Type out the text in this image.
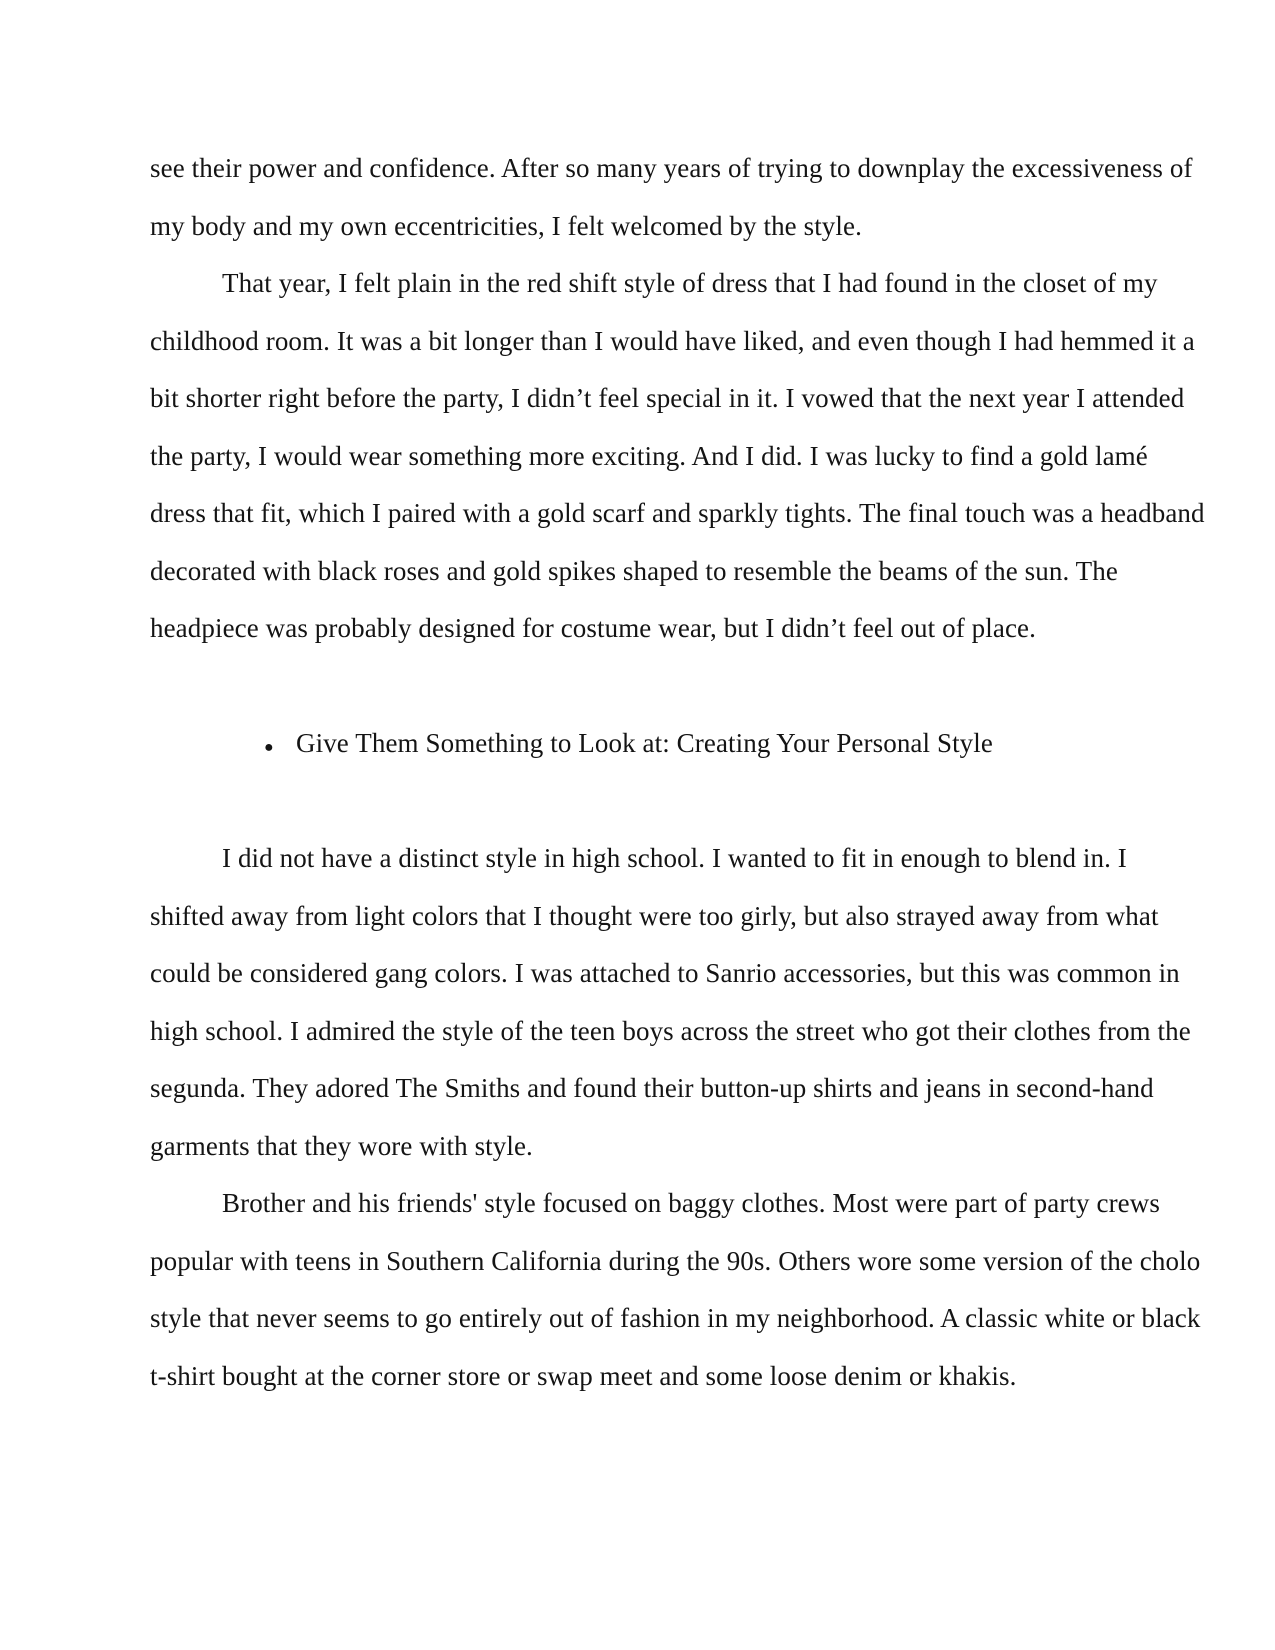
see their power and confidence. After so many years of trying to downplay the excessiveness of
my body and my own eccentricities, I felt welcomed by the style.
That year, I felt plain in the red shift style of dress that I had found in the closet of my
childhood room. It was a bit longer than I would have liked, and even though I had hemmed it a
bit shorter right before the party, I didn’t feel special in it. I vowed that the next year I attended
the party, I would wear something more exciting. And I did. I was lucky to find a gold lamé
dress that fit, which I paired with a gold scarf and sparkly tights. The final touch was a headband
decorated with black roses and gold spikes shaped to resemble the beams of the sun. The
headpiece was probably designed for costume wear, but I didn’t feel out of place.
● Give Them Something to Look at: Creating Your Personal Style
I did not have a distinct style in high school. I wanted to fit in enough to blend in. I
shifted away from light colors that I thought were too girly, but also strayed away from what
could be considered gang colors. I was attached to Sanrio accessories, but this was common in
high school. I admired the style of the teen boys across the street who got their clothes from the
segunda. They adored The Smiths and found their button-up shirts and jeans in second-hand
garments that they wore with style.
Brother and his friends' style focused on baggy clothes. Most were part of party crews
popular with teens in Southern California during the 90s. Others wore some version of the cholo
style that never seems to go entirely out of fashion in my neighborhood. A classic white or black
t-shirt bought at the corner store or swap meet and some loose denim or khakis.
